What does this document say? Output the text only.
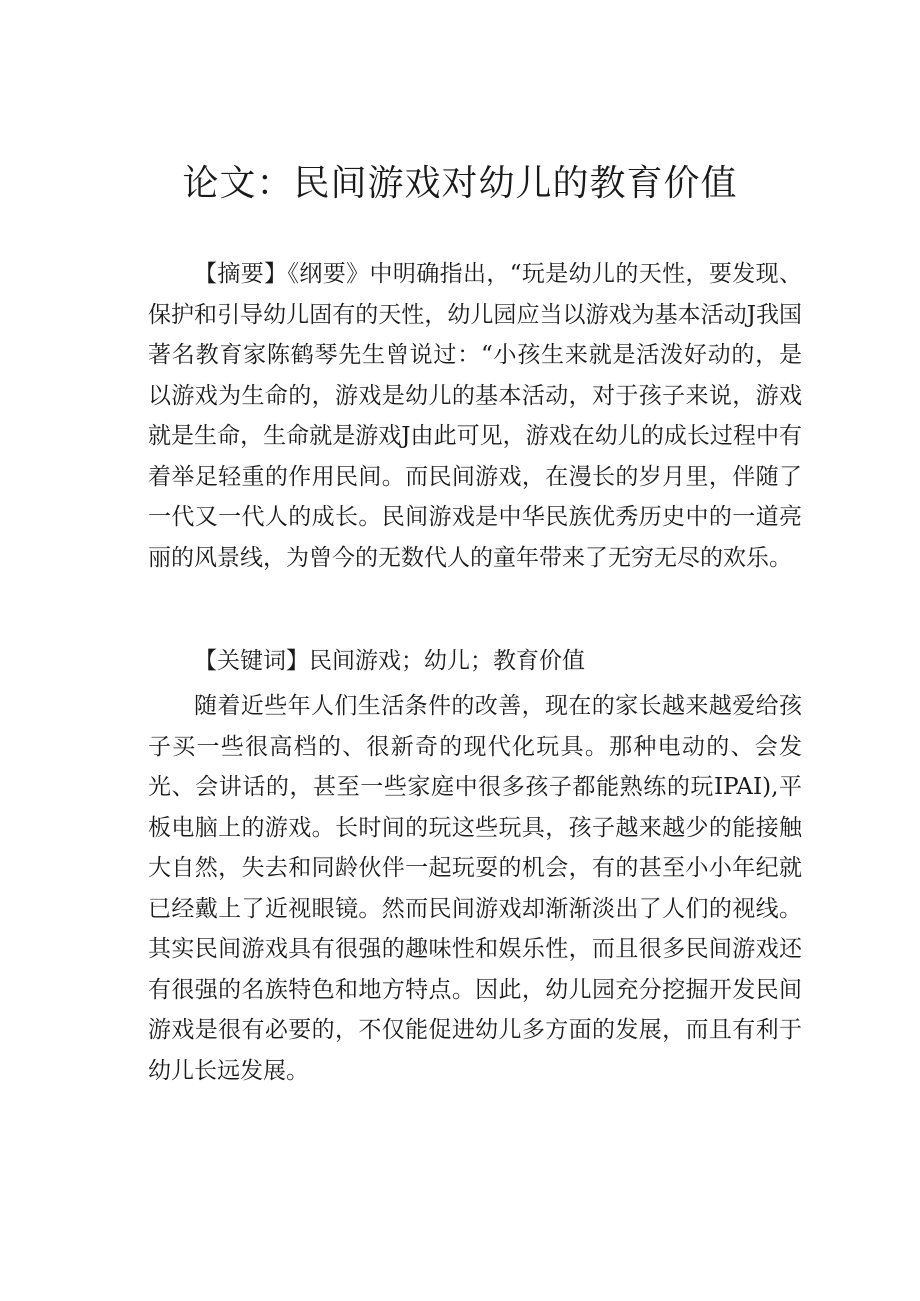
论文：民间游戏对幼儿的教育价值

【摘要】《纲要》中明确指出，“玩是幼儿的天性，要发现、保护和引导幼儿固有的天性，幼儿园应当以游戏为基本活动J我国著名教育家陈鹤琴先生曾说过：“小孩生来就是活泼好动的，是以游戏为生命的，游戏是幼儿的基本活动，对于孩子来说，游戏就是生命，生命就是游戏J由此可见，游戏在幼儿的成长过程中有着举足轻重的作用民间。而民间游戏，在漫长的岁月里，伴随了一代又一代人的成长。民间游戏是中华民族优秀历史中的一道亮丽的风景线，为曾今的无数代人的童年带来了无穷无尽的欢乐。

【关键词】民间游戏；幼儿；教育价值

随着近些年人们生活条件的改善，现在的家长越来越爱给孩子买一些很高档的、很新奇的现代化玩具。那种电动的、会发光、会讲话的，甚至一些家庭中很多孩子都能熟练的玩IPAI),平板电脑上的游戏。长时间的玩这些玩具，孩子越来越少的能接触大自然，失去和同龄伙伴一起玩耍的机会，有的甚至小小年纪就已经戴上了近视眼镜。然而民间游戏却渐渐淡出了人们的视线。其实民间游戏具有很强的趣味性和娱乐性，而且很多民间游戏还有很强的名族特色和地方特点。因此，幼儿园充分挖掘开发民间游戏是很有必要的，不仅能促进幼儿多方面的发展，而且有利于幼儿长远发展。
